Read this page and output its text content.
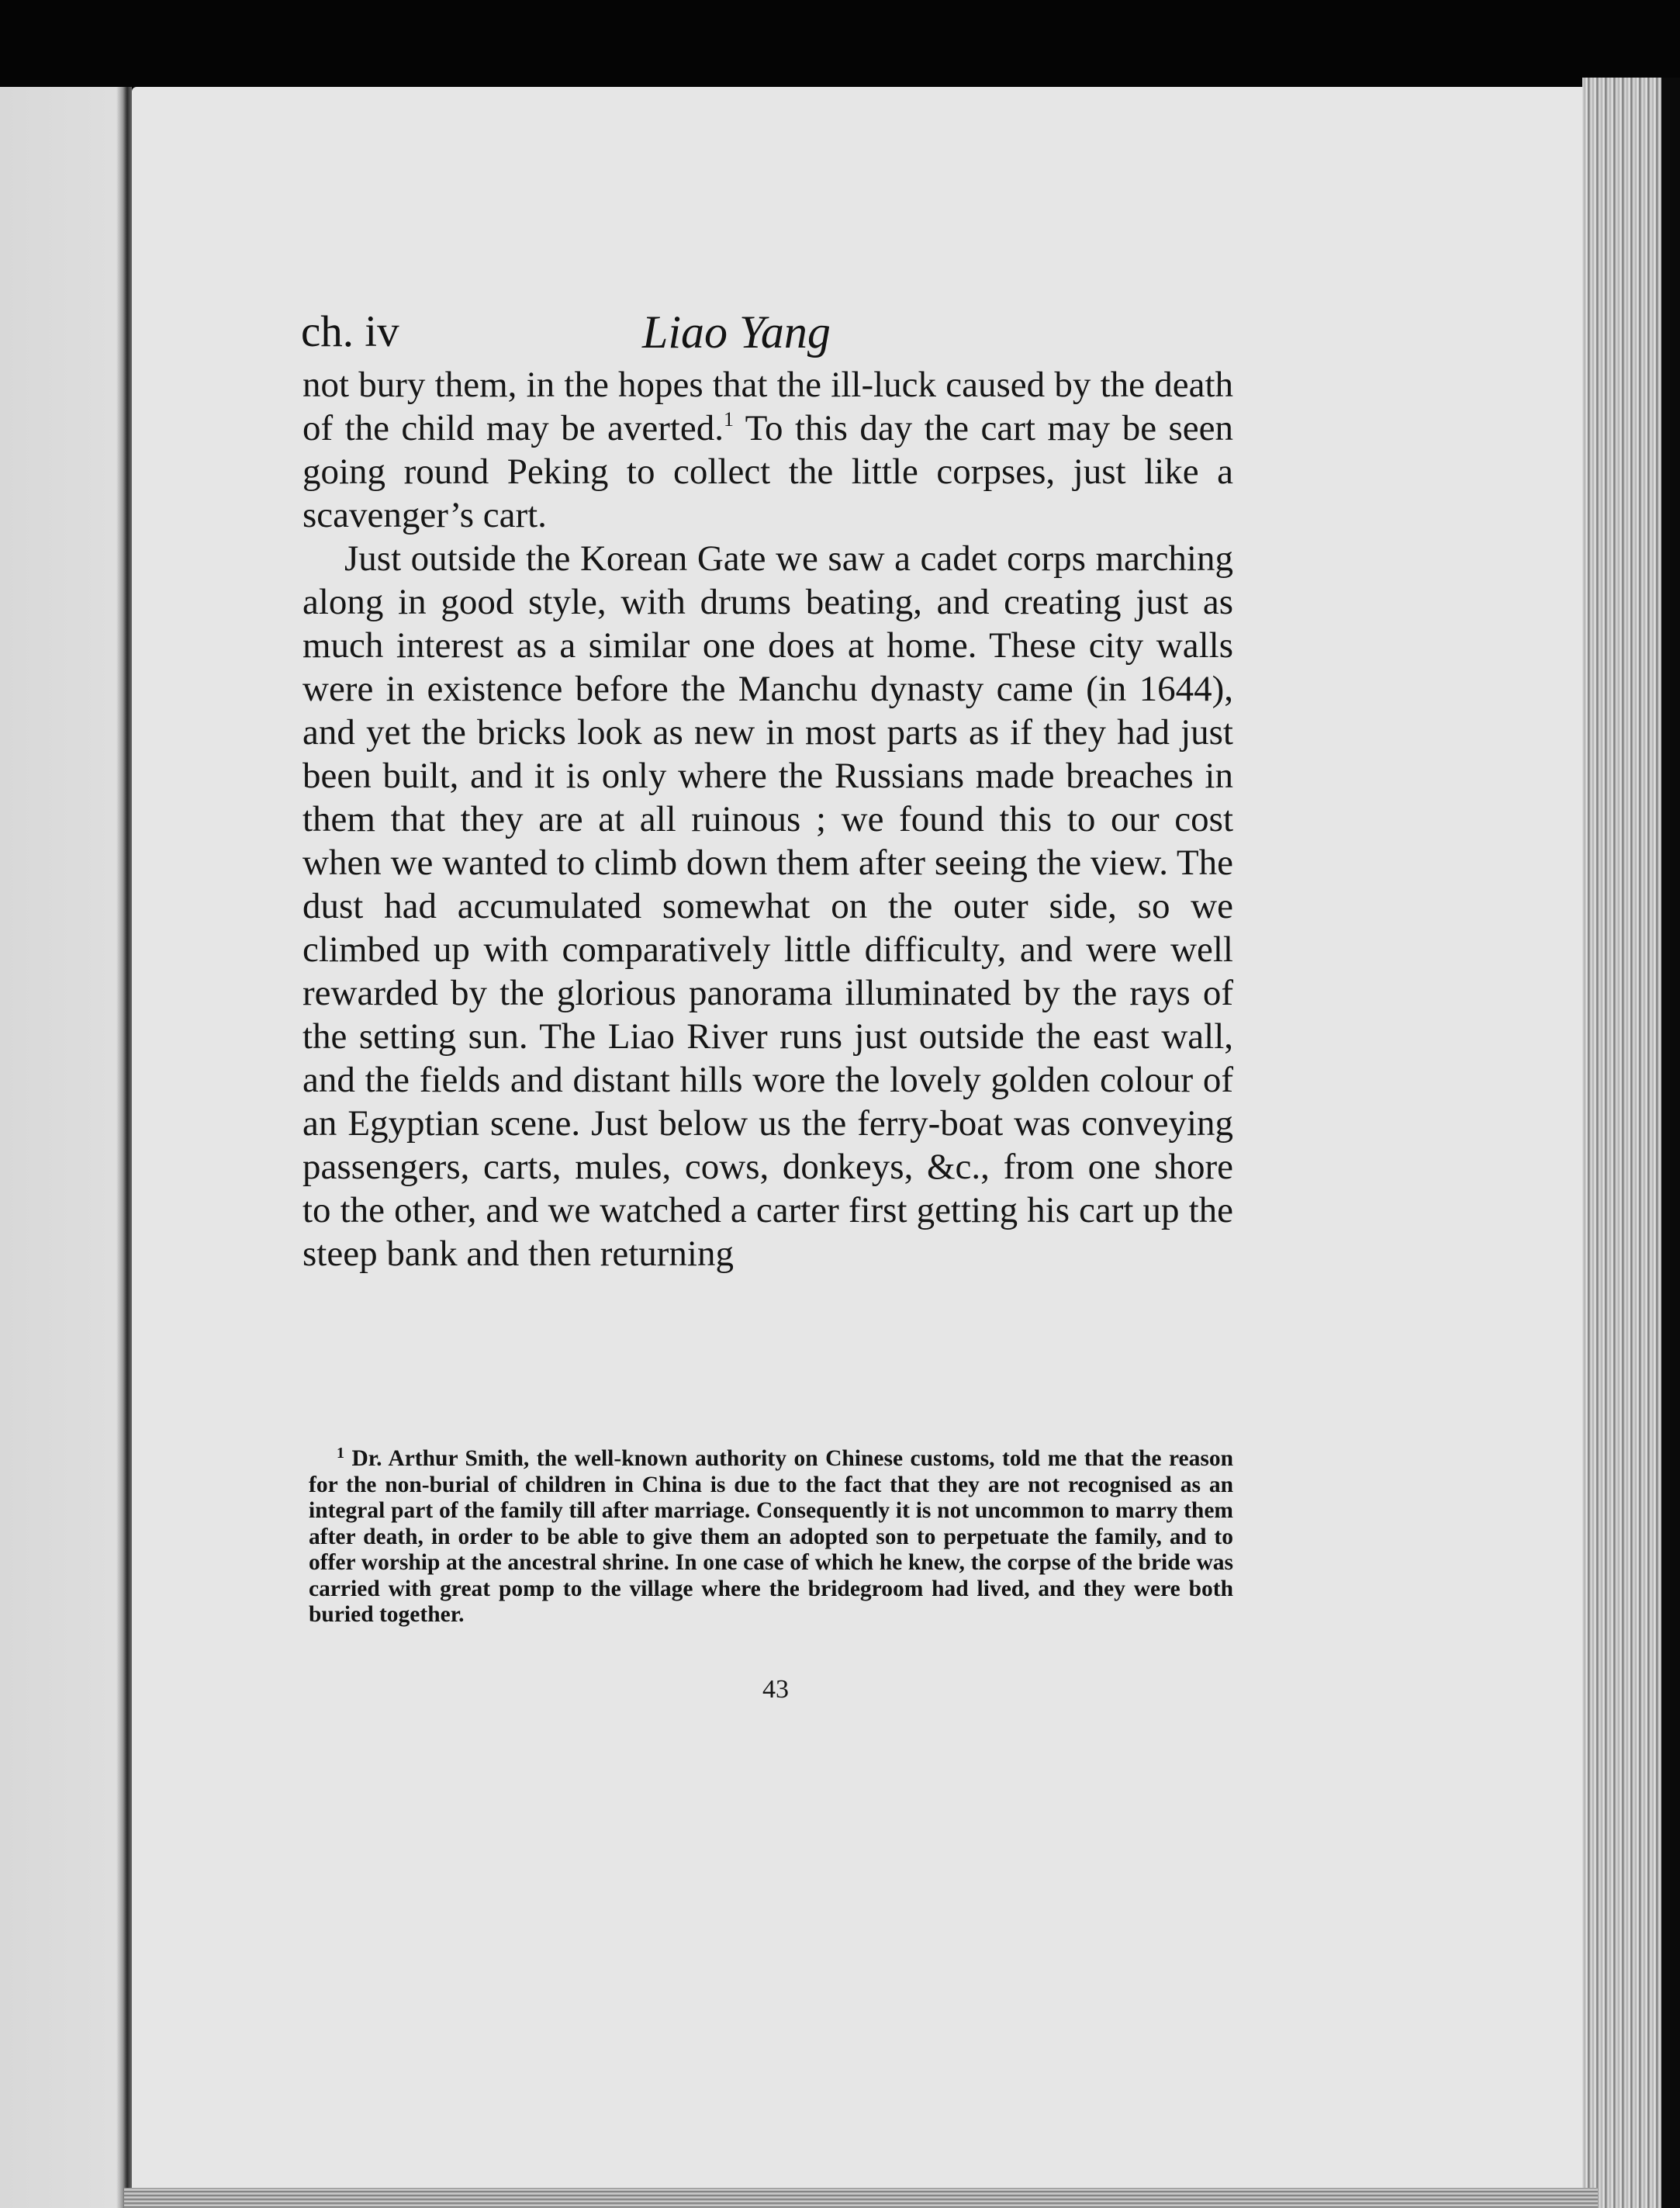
ch. iv	Liao Yang

not bury them, in the hopes that the ill-luck caused by the death of the child may be averted.$^1$ To this day the cart may be seen going round Peking to collect the little corpses, just like a scavenger’s cart.

Just outside the Korean Gate we saw a cadet corps marching along in good style, with drums beating, and creating just as much interest as a similar one does at home. These city walls were in existence before the Manchu dynasty came (in 1644), and yet the bricks look as new in most parts as if they had just been built, and it is only where the Russians made breaches in them that they are at all ruinous ; we found this to our cost when we wanted to climb down them after seeing the view. The dust had accumulated somewhat on the outer side, so we climbed up with comparatively little difficulty, and were well rewarded by the glorious panorama illuminated by the rays of the setting sun. The Liao River runs just outside the east wall, and the fields and distant hills wore the lovely golden colour of an Egyptian scene. Just below us the ferry-boat was conveying passengers, carts, mules, cows, donkeys, &c., from one shore to the other, and we watched a carter first getting his cart up the steep bank and then returning

$^1$ Dr. Arthur Smith, the well-known authority on Chinese customs, told me that the reason for the non-burial of children in China is due to the fact that they are not recognised as an integral part of the family till after marriage. Consequently it is not uncommon to marry them after death, in order to be able to give them an adopted son to perpetuate the family, and to offer worship at the ancestral shrine. In one case of which he knew, the corpse of the bride was carried with great pomp to the village where the bridegroom had lived, and they were both buried together.

43
